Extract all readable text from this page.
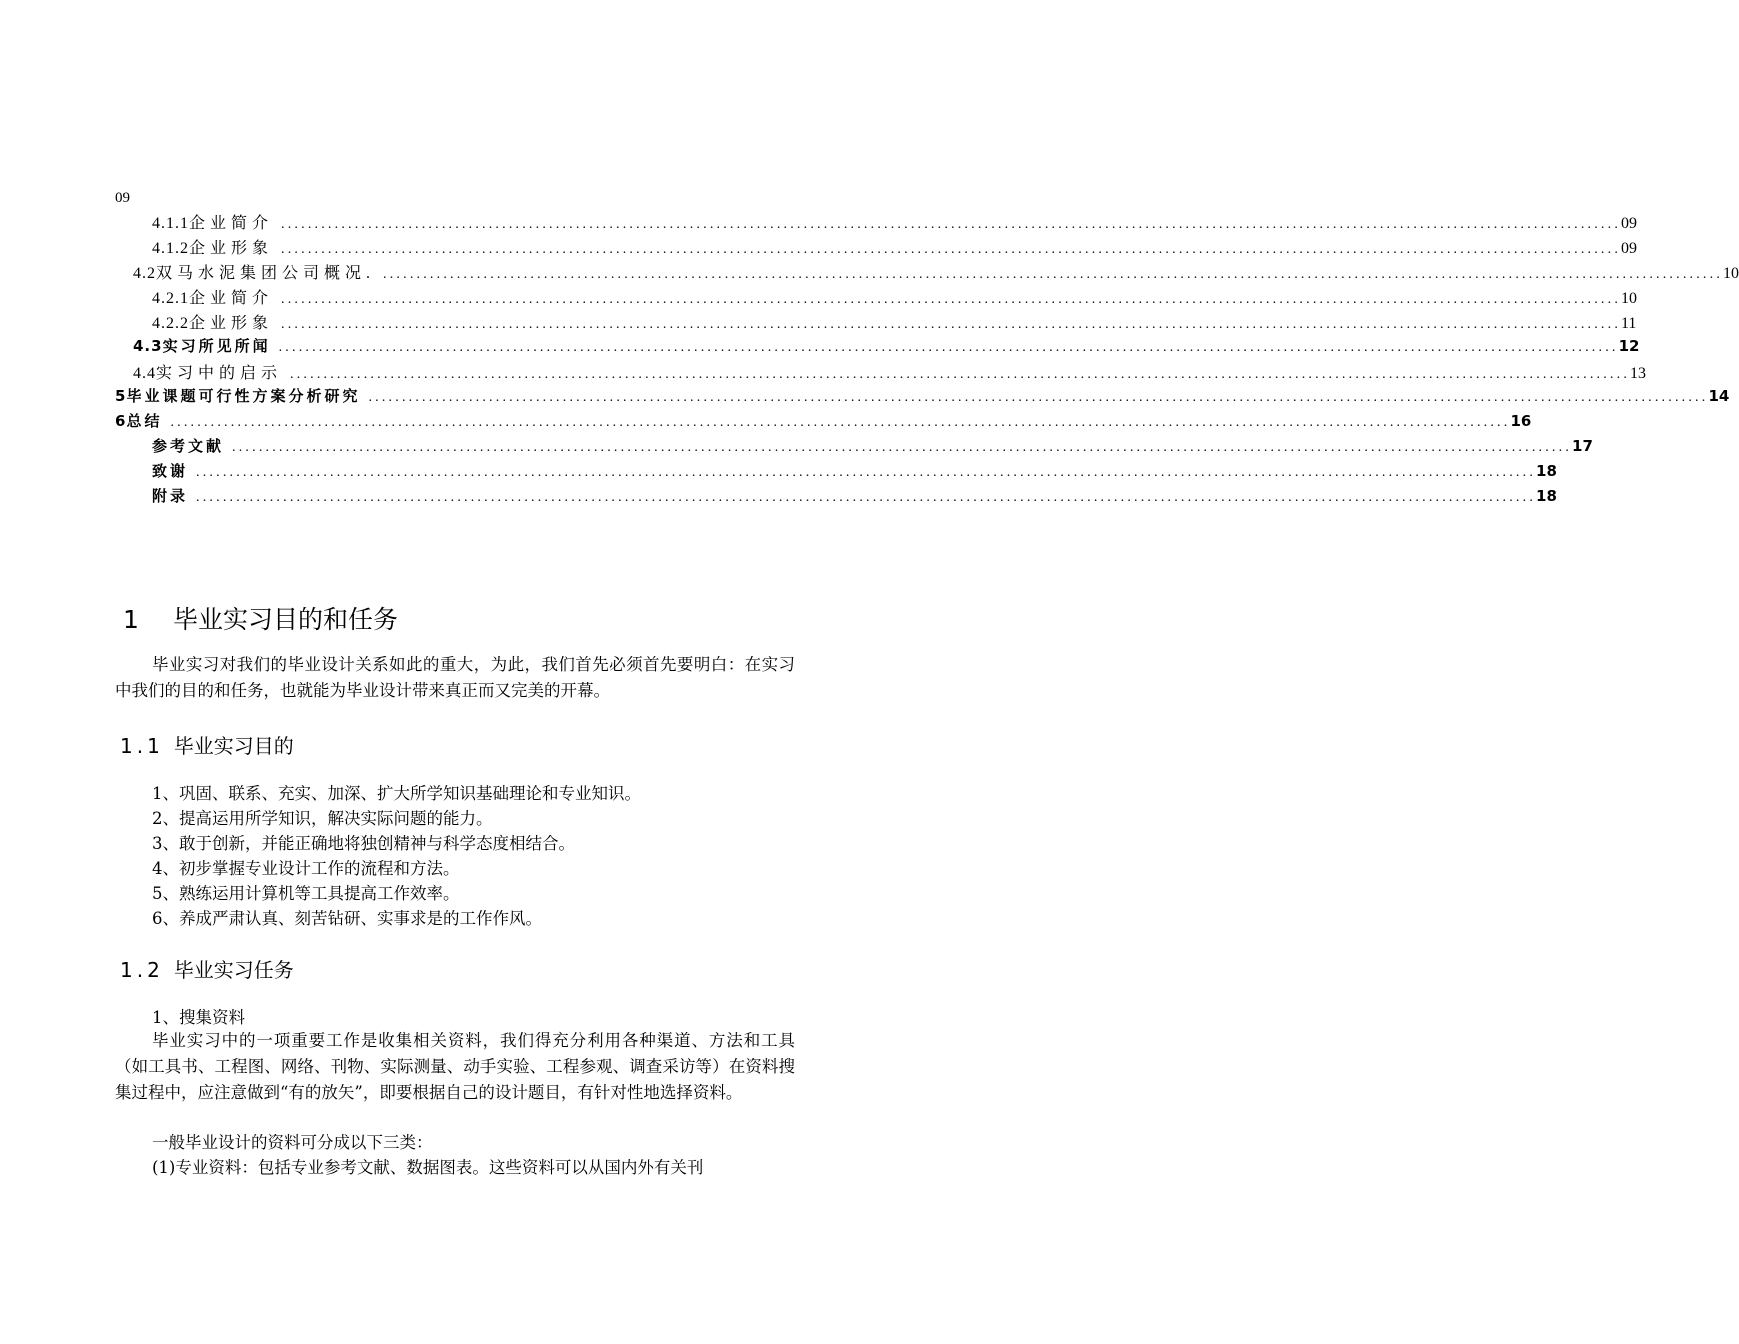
09
4.1.1 企业简介 ........................................................................................................................................................................................................ 09
4.1.2 企业形象 ........................................................................................................................................................................................................ 09
4.2 双马水泥集团公司概况. ........................................................................................................................................................................................................ 10
4.2.1 企业简介 ........................................................................................................................................................................................................ 10
4.2.2 企业形象 ........................................................................................................................................................................................................ 11
4.3 实习所见所闻 ........................................................................................................................................................................................................ 12
4.4 实习中的启示 ........................................................................................................................................................................................................ 13
5 毕业课题可行性方案分析研究 ........................................................................................................................................................................................................ 14
6 总结 ........................................................................................................................................................................................................ 16
参考文献 ........................................................................................................................................................................................................ 17
致谢 ........................................................................................................................................................................................................ 18
附录 ........................................................................................................................................................................................................ 18
1 毕业实习目的和任务

毕业实习对我们的毕业设计关系如此的重大，为此，我们首先必须首先要明白：在实习中我们的目的和任务，也就能为毕业设计带来真正而又完美的开幕。

1.1 毕业实习目的
1、巩固、联系、充实、加深、扩大所学知识基础理论和专业知识。
2、提高运用所学知识，解决实际问题的能力。
3、敢于创新，并能正确地将独创精神与科学态度相结合。
4、初步掌握专业设计工作的流程和方法。
5、熟练运用计算机等工具提高工作效率。
6、养成严肃认真、刻苦钻研、实事求是的工作作风。
1.2 毕业实习任务
1、搜集资料

毕业实习中的一项重要工作是收集相关资料，我们得充分利用各种渠道、方法和工具（如工具书、工程图、网络、刊物、实际测量、动手实验、工程参观、调查采访等）在资料搜集过程中，应注意做到“有的放矢”，即要根据自己的设计题目，有针对性地选择资料。

一般毕业设计的资料可分成以下三类：

(1)专业资料：包括专业参考文献、数据图表。这些资料可以从国内外有关刊
